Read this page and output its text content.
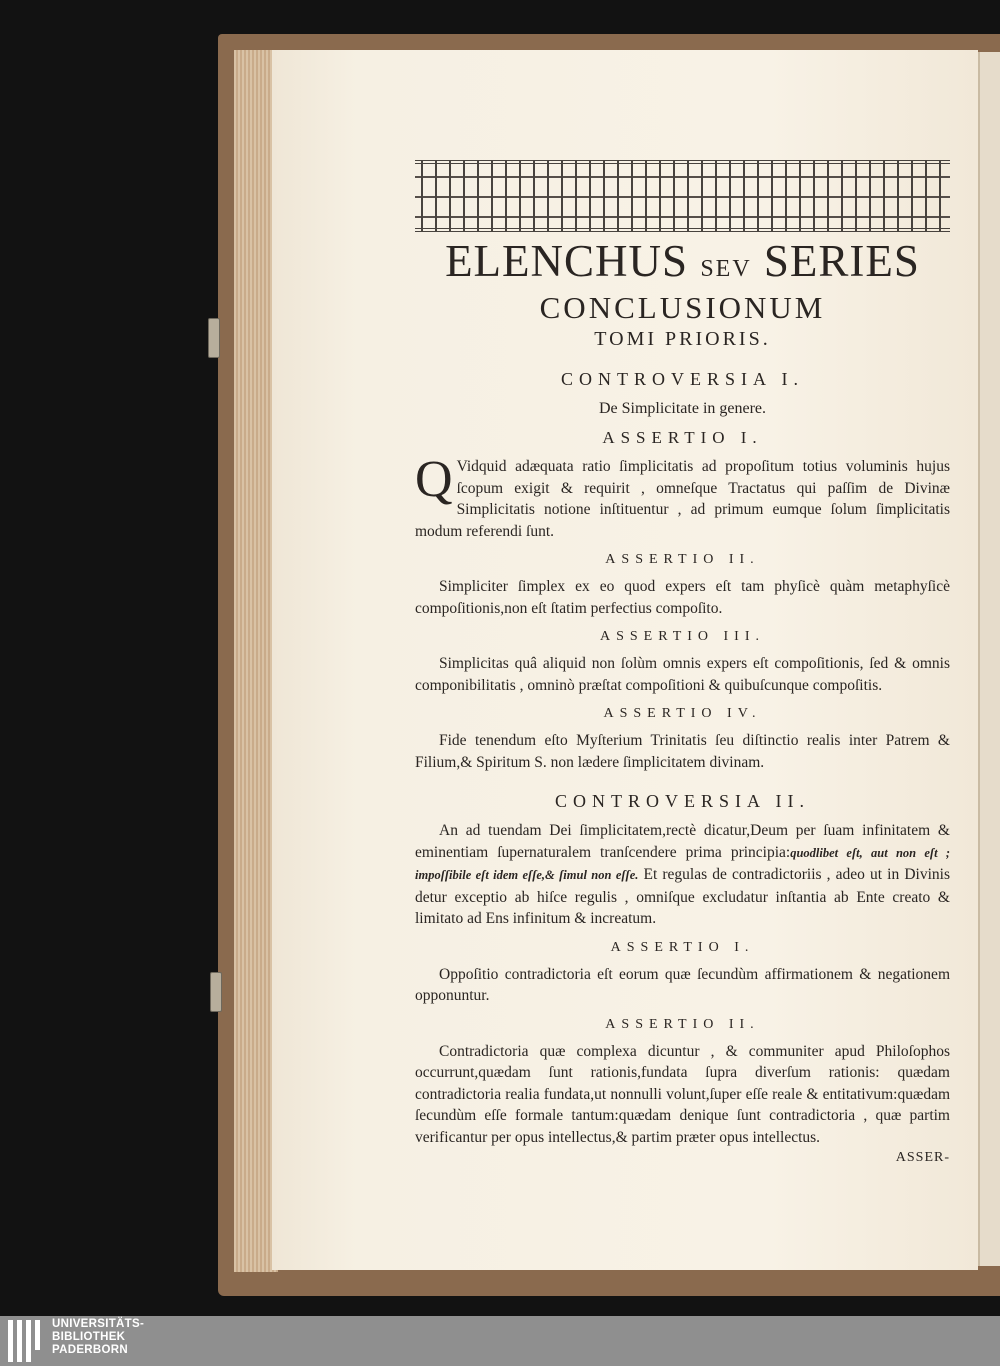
ELENCHUS SEV SERIES
CONCLUSIONUM
TOMI PRIORIS.
CONTROVERSIA I.
De Simplicitate in genere.
ASSERTIO I.

Q Vidquid adæquata ratio ſimplicitatis ad propoſitum totius voluminis hujus ſcopum exigit & requirit , omneſque Tractatus qui paſſim de Divinæ Simplicitatis notione inſtituentur , ad primum eumque ſolum ſimplicitatis modum referendi ſunt.

ASSERTIO II.

Simpliciter ſimplex ex eo quod expers eſt tam phyſicè quàm metaphyſicè compoſitionis,non eſt ſtatim perfectius compoſito.

ASSERTIO III.

Simplicitas quâ aliquid non ſolùm omnis expers eſt compoſitionis, ſed & omnis componibilitatis , omninò præſtat compoſitioni & quibuſcunque compoſitis.

ASSERTIO IV.

Fide tenendum eſto Myſterium Trinitatis ſeu diſtinctio realis inter Patrem & Filium,& Spiritum S. non lædere ſimplicitatem divinam.

CONTROVERSIA II.

An ad tuendam Dei ſimplicitatem,rectè dicatur,Deum per ſuam infinitatem & eminentiam ſupernaturalem tranſcendere prima principia:quodlibet eſt, aut non eſt ; impoſſibile eſt idem eſſe,& ſimul non eſſe. Et regulas de contradictoriis , adeo ut in Divinis detur exceptio ab hiſce regulis , omniſque excludatur inſtantia ab Ente creato & limitato ad Ens infinitum & increatum.

ASSERTIO I.

Oppoſitio contradictoria eſt eorum quæ ſecundùm affirmationem & negationem opponuntur.

ASSERTIO II.

Contradictoria quæ complexa dicuntur , & communiter apud Philoſophos occurrunt,quædam ſunt rationis,fundata ſupra diverſum rationis: quædam contradictoria realia fundata,ut nonnulli volunt,ſuper eſſe reale & entitativum:quædam ſecundùm eſſe formale tantum:quædam denique ſunt contradictoria , quæ partim verificantur per opus intellectus,& partim præter opus intellectus.

ASSER-
UNIVERSITÄTS-
BIBLIOTHEK
PADERBORN
